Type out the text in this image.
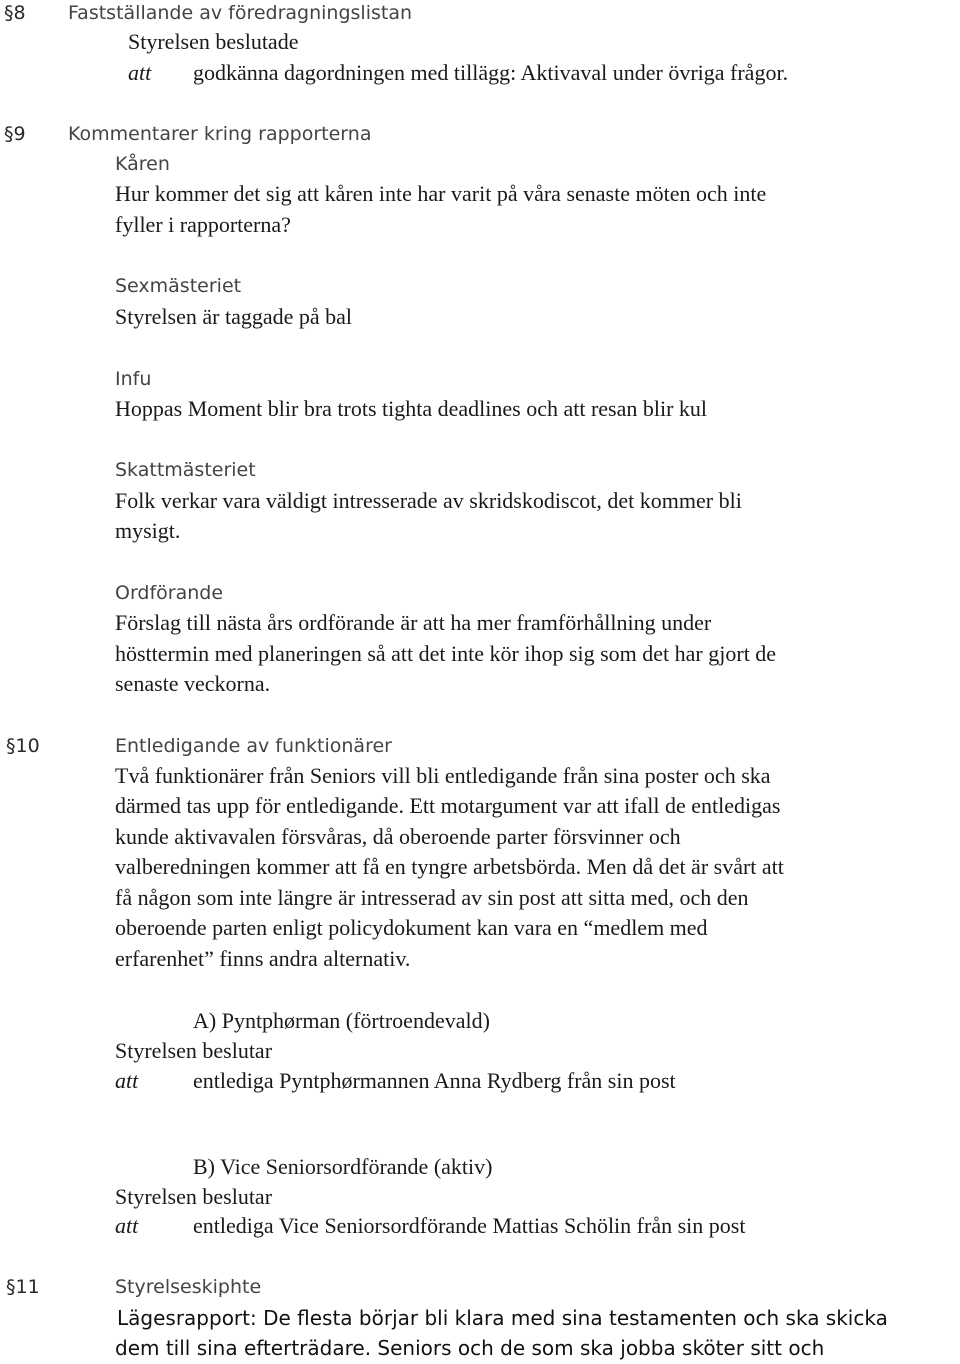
§8 Fastställande av föredragningslistan
Styrelsen beslutade
att godkänna dagordningen med tillägg: Aktivaval under övriga frågor.
§9 Kommentarer kring rapporterna
Kåren
Hur kommer det sig att kåren inte har varit på våra senaste möten och inte
fyller i rapporterna?
Sexmästeriet
Styrelsen är taggade på bal
Infu
Hoppas Moment blir bra trots tighta deadlines och att resan blir kul
Skattmästeriet
Folk verkar vara väldigt intresserade av skridskodiscot, det kommer bli
mysigt.
Ordförande
Förslag till nästa års ordförande är att ha mer framförhållning under
hösttermin med planeringen så att det inte kör ihop sig som det har gjort de
senaste veckorna.
§10	Entledigande av funktionärer
Två funktionärer från Seniors vill bli entledigande från sina poster och ska
därmed tas upp för entledigande. Ett motargument var att ifall de entledigas
kunde aktivavalen försvåras, då oberoende parter försvinner och
valberedningen kommer att få en tyngre arbetsbörda. Men då det är svårt att
få någon som inte längre är intresserad av sin post att sitta med, och den
oberoende parten enligt policydokument kan vara en “medlem med
erfarenhet” finns andra alternativ.
A) Pyntphørman (förtroendevald)
Styrelsen beslutar
att entlediga Pyntphørmannen Anna Rydberg från sin post
B) Vice Seniorsordförande (aktiv)
Styrelsen beslutar
att entlediga Vice Seniorsordförande Mattias Schölin från sin post
§11	Styrelseskiphte
Lägesrapport: De flesta börjar bli klara med sina testamenten och ska skicka
dem till sina efterträdare. Seniors och de som ska jobba sköter sitt och
